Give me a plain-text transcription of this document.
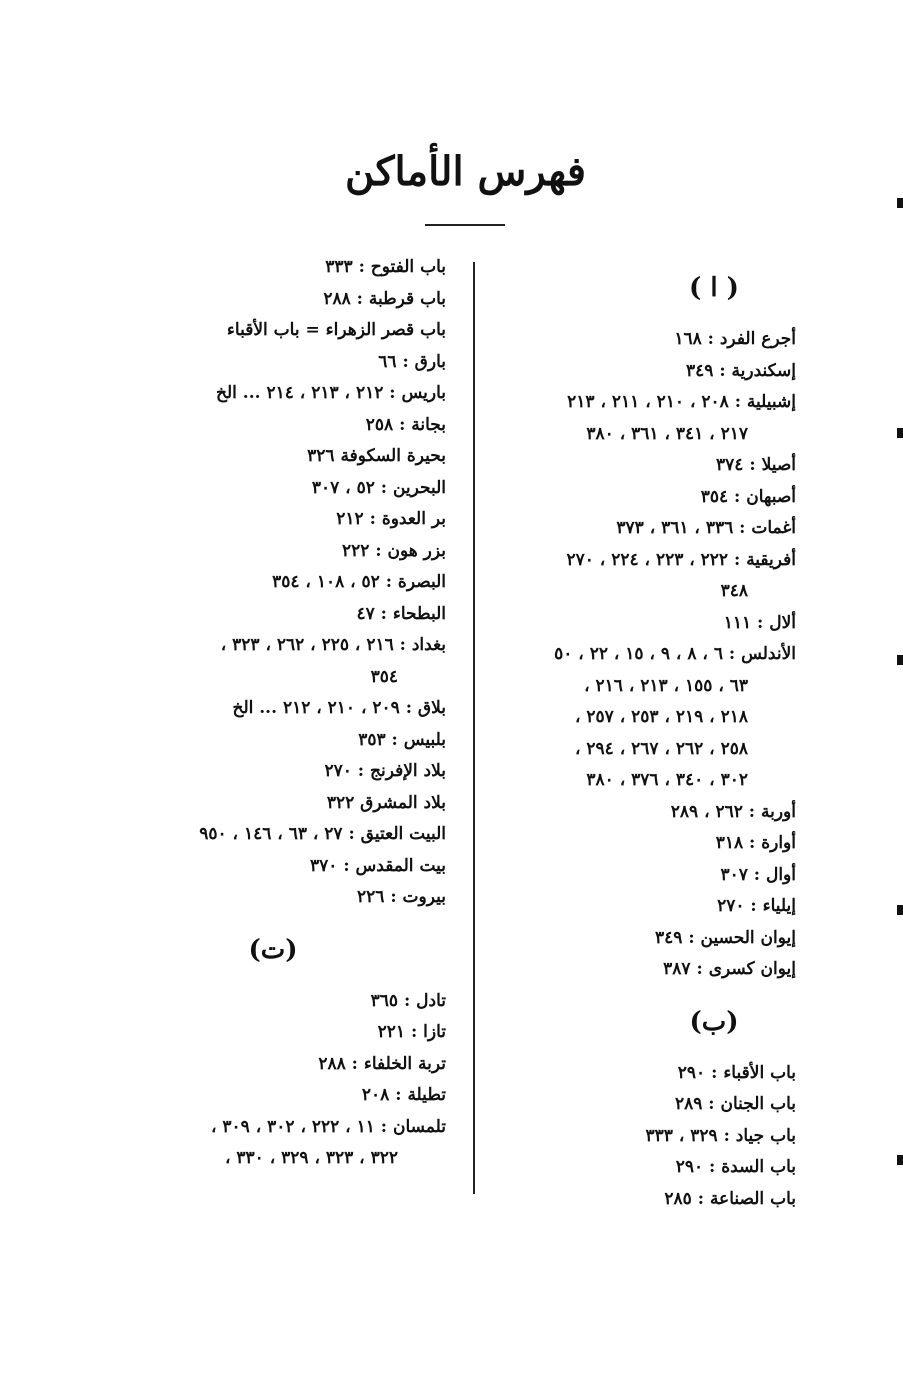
فهرس الأماكن
( ا )
أجرع الفرد : ١٦٨
إسكندرية : ٣٤٩
إشبيلية : ٢٠٨ ، ٢١٠ ، ٢١١ ، ٢١٣
٢١٧ ، ٣٤١ ، ٣٦١ ، ٣٨٠
أصيلا : ٣٧٤
أصبهان : ٣٥٤
أغمات : ٣٣٦ ، ٣٦١ ، ٣٧٣
أفريقية : ٢٢٢ ، ٢٢٣ ، ٢٢٤ ، ٢٧٠
٣٤٨
ألال : ١١١
الأندلس : ٦ ، ٨ ، ٩ ، ١٥ ، ٢٢ ، ٥٠
٦٣ ، ١٥٥ ، ٢١٣ ، ٢١٦ ،
٢١٨ ، ٢١٩ ، ٢٥٣ ، ٢٥٧ ،
٢٥٨ ، ٢٦٢ ، ٢٦٧ ، ٢٩٤ ،
٣٠٢ ، ٣٤٠ ، ٣٧٦ ، ٣٨٠
أوربة : ٢٦٢ ، ٢٨٩
أوارة : ٣١٨
أوال : ٣٠٧
إيلياء : ٢٧٠
إيوان الحسين : ٣٤٩
إيوان كسرى : ٣٨٧
(ب)
باب الأقباء : ٢٩٠
باب الجنان : ٢٨٩
باب جياد : ٣٢٩ ، ٣٣٣
باب السدة : ٢٩٠
باب الصناعة : ٢٨٥
باب الفتوح : ٣٣٣
باب قرطبة : ٢٨٨
باب قصر الزهراء = باب الأقباء
بارق : ٦٦
باريس : ٢١٢ ، ٢١٣ ، ٢١٤ ... الخ
بجانة : ٢٥٨
بحيرة السكوفة ٣٢٦
البحرين : ٥٢ ، ٣٠٧
بر العدوة : ٢١٢
بزر هون : ٢٢٢
البصرة : ٥٢ ، ١٠٨ ، ٣٥٤
البطحاء : ٤٧
بغداد : ٢١٦ ، ٢٢٥ ، ٢٦٢ ، ٣٢٣ ،
٣٥٤
بلاق : ٢٠٩ ، ٢١٠ ، ٢١٢ ... الخ
بلبيس : ٣٥٣
بلاد الإفرنج : ٢٧٠
بلاد المشرق ٣٢٢
البيت العتيق : ٢٧ ، ٦٣ ، ١٤٦ ، ٩٥٠
بيت المقدس : ٣٧٠
بيروت : ٢٢٦
(ت)
تادل : ٣٦٥
تازا : ٢٢١
تربة الخلفاء : ٢٨٨
تطيلة : ٢٠٨
تلمسان : ١١ ، ٢٢٢ ، ٣٠٢ ، ٣٠٩ ،
٣٢٢ ، ٣٢٣ ، ٣٢٩ ، ٣٣٠ ،
